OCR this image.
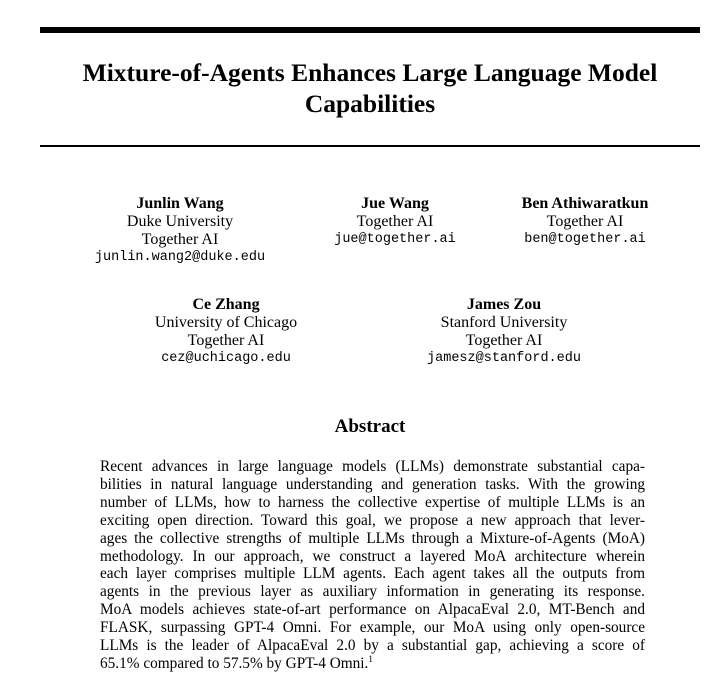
Mixture-of-Agents Enhances Large Language Model
Capabilities
Junlin Wang
Duke University
Together AI
junlin.wang2@duke.edu
Jue Wang
Together AI
jue@together.ai
Ben Athiwaratkun
Together AI
ben@together.ai
Ce Zhang
University of Chicago
Together AI
cez@uchicago.edu
James Zou
Stanford University
Together AI
jamesz@stanford.edu
Abstract
Recent advances in large language models (LLMs) demonstrate substantial capa-
bilities in natural language understanding and generation tasks. With the growing
number of LLMs, how to harness the collective expertise of multiple LLMs is an
exciting open direction. Toward this goal, we propose a new approach that lever-
ages the collective strengths of multiple LLMs through a Mixture-of-Agents (MoA)
methodology. In our approach, we construct a layered MoA architecture wherein
each layer comprises multiple LLM agents. Each agent takes all the outputs from
agents in the previous layer as auxiliary information in generating its response.
MoA models achieves state-of-art performance on AlpacaEval 2.0, MT-Bench and
FLASK, surpassing GPT-4 Omni. For example, our MoA using only open-source
LLMs is the leader of AlpacaEval 2.0 by a substantial gap, achieving a score of
65.1% compared to 57.5% by GPT-4 Omni.$^1$
